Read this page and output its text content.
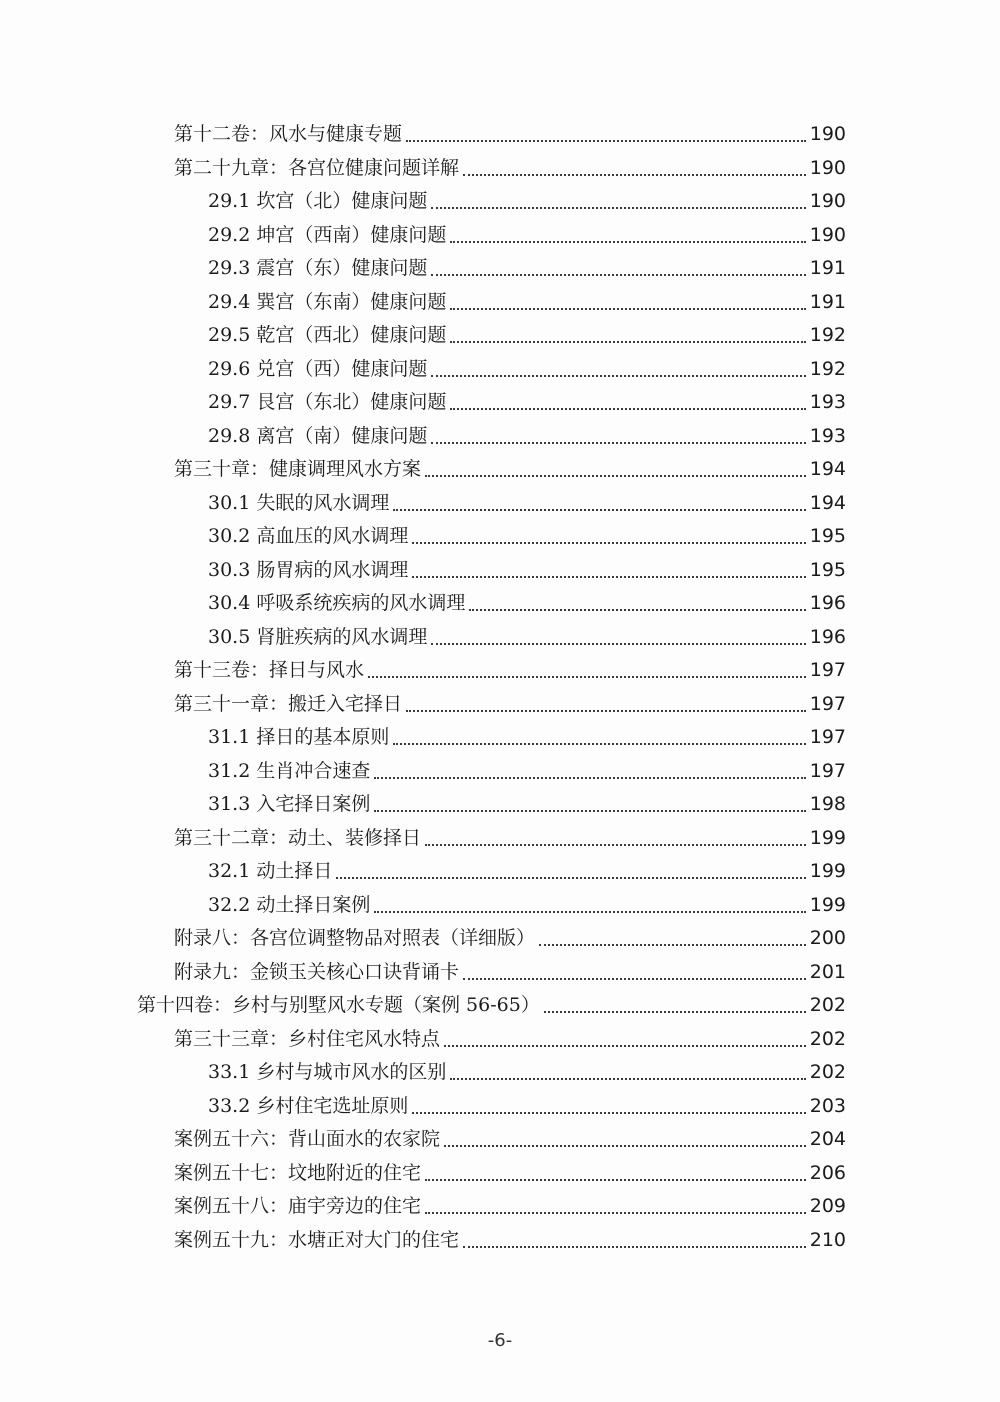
第十二卷：风水与健康专题	190
第二十九章：各宫位健康问题详解	190
29.1 坎宫（北）健康问题	190
29.2 坤宫（西南）健康问题	190
29.3 震宫（东）健康问题	191
29.4 巽宫（东南）健康问题	191
29.5 乾宫（西北）健康问题	192
29.6 兑宫（西）健康问题	192
29.7 艮宫（东北）健康问题	193
29.8 离宫（南）健康问题	193
第三十章：健康调理风水方案	194
30.1 失眠的风水调理	194
30.2 高血压的风水调理	195
30.3 肠胃病的风水调理	195
30.4 呼吸系统疾病的风水调理	196
30.5 肾脏疾病的风水调理	196
第十三卷：择日与风水	197
第三十一章：搬迁入宅择日	197
31.1 择日的基本原则	197
31.2 生肖冲合速查	197
31.3 入宅择日案例	198
第三十二章：动土、装修择日	199
32.1 动土择日	199
32.2 动土择日案例	199
附录八：各宫位调整物品对照表（详细版）	200
附录九：金锁玉关核心口诀背诵卡	201
第十四卷：乡村与别墅风水专题（案例 56-65）	202
第三十三章：乡村住宅风水特点	202
33.1 乡村与城市风水的区别	202
33.2 乡村住宅选址原则	203
案例五十六：背山面水的农家院	204
案例五十七：坟地附近的住宅	206
案例五十八：庙宇旁边的住宅	209
案例五十九：水塘正对大门的住宅	210
-6-
